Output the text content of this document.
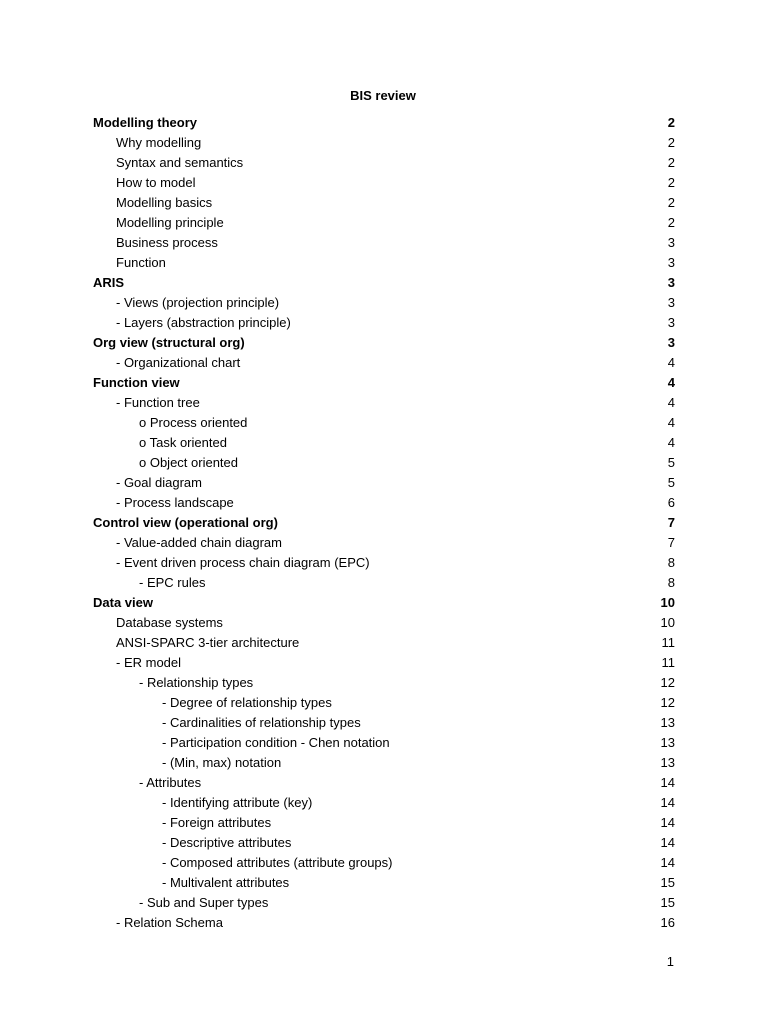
BIS review
Modelling theory	2
Why modelling	2
Syntax and semantics	2
How to model	2
Modelling basics	2
Modelling principle	2
Business process	3
Function	3
ARIS	3
- Views (projection principle)	3
- Layers (abstraction principle)	3
Org view (structural org)	3
- Organizational chart	4
Function view	4
- Function tree	4
o Process oriented	4
o Task oriented	4
o Object oriented	5
- Goal diagram	5
- Process landscape	6
Control view (operational org)	7
- Value-added chain diagram	7
- Event driven process chain diagram (EPC)	8
- EPC rules	8
Data view	10
Database systems	10
ANSI-SPARC 3-tier architecture	11
- ER model	11
- Relationship types	12
- Degree of relationship types	12
- Cardinalities of relationship types	13
- Participation condition - Chen notation	13
- (Min, max) notation	13
- Attributes	14
- Identifying attribute (key)	14
- Foreign attributes	14
- Descriptive attributes	14
- Composed attributes (attribute groups)	14
- Multivalent attributes	15
- Sub and Super types	15
- Relation Schema	16
1
